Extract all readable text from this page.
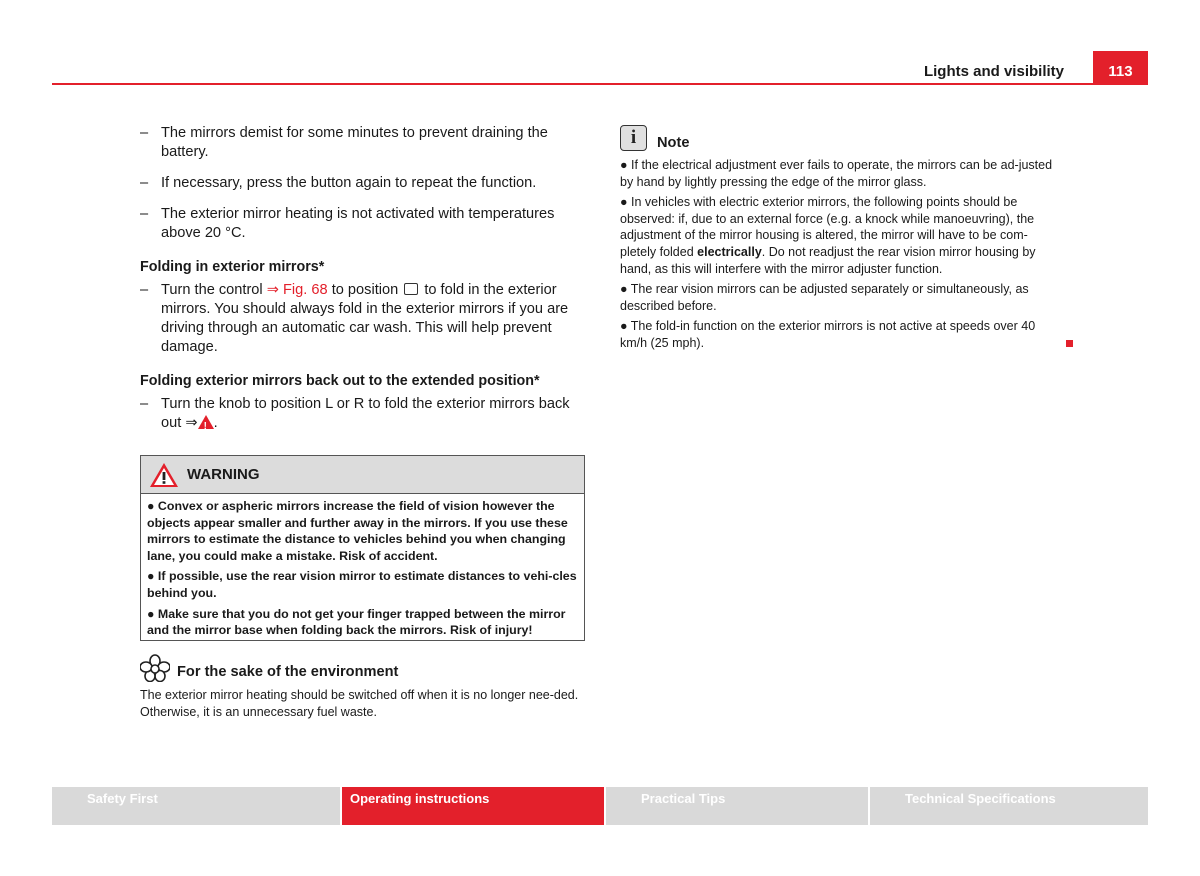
Lights and visibility	113
– The mirrors demist for some minutes to prevent draining the battery.
– If necessary, press the button again to repeat the function.
– The exterior mirror heating is not activated with temperatures above 20 °C.
Folding in exterior mirrors*
– Turn the control ⇒ Fig. 68 to position  to fold in the exterior mirrors. You should always fold in the exterior mirrors if you are driving through an automatic car wash. This will help prevent damage.
Folding exterior mirrors back out to the extended position*
– Turn the knob to position L or R to fold the exterior mirrors back out ⇒! .
WARNING
● Convex or aspheric mirrors increase the field of vision however the objects appear smaller and further away in the mirrors. If you use these mirrors to estimate the distance to vehicles behind you when changing lane, you could make a mistake. Risk of accident.
● If possible, use the rear vision mirror to estimate distances to vehi-cles behind you.
● Make sure that you do not get your finger trapped between the mirror and the mirror base when folding back the mirrors. Risk of injury!
For the sake of the environment
The exterior mirror heating should be switched off when it is no longer nee-ded. Otherwise, it is an unnecessary fuel waste.
i	Note
● If the electrical adjustment ever fails to operate, the mirrors can be ad-justed by hand by lightly pressing the edge of the mirror glass.
● In vehicles with electric exterior mirrors, the following points should be observed: if, due to an external force (e.g. a knock while manoeuvring), the adjustment of the mirror housing is altered, the mirror will have to be com-pletely folded electrically. Do not readjust the rear vision mirror housing by hand, as this will interfere with the mirror adjuster function.
● The rear vision mirrors can be adjusted separately or simultaneously, as described before.
● The fold-in function on the exterior mirrors is not active at speeds over 40 km/h (25 mph).
Safety First	Operating instructions	Practical Tips	Technical Specifications
